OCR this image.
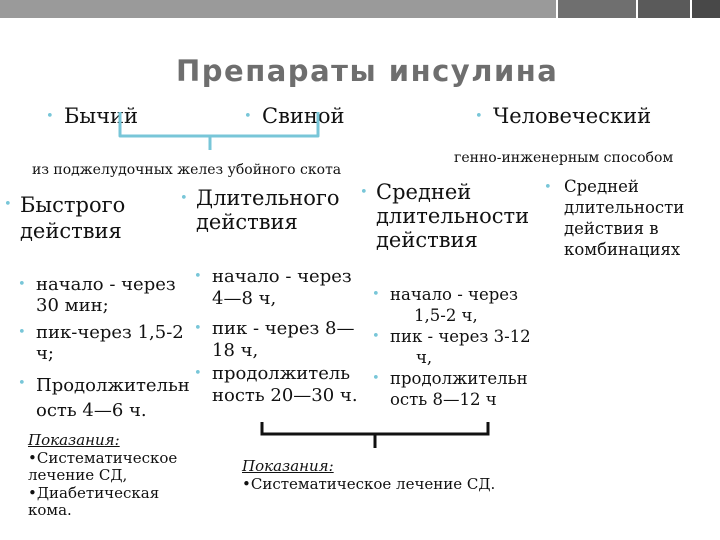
Препараты инсулина
• Бычий	• Свиной	• Человеческий
из поджелудочных желез убойного скота
генно-инженерным способом
• Быстрого
действия
• Длительного
действия
• Средней
длительности
действия
• Средней
длительности
действия в
комбинациях
• начало - через
30 мин;
• пик-через 1,5-2
ч;
• Продолжительн
ость 4—6 ч.
• начало - через
4—8 ч,
• пик - через 8—
18 ч,
• продолжитель
ность 20—30 ч.
• начало - через
1,5-2 ч,
• пик - через 3-12
ч,
• продолжительн
ость 8—12 ч
Показания:
•Систематическое
лечение СД,
•Диабетическая
кома.
Показания:
•Систематическое лечение СД.
